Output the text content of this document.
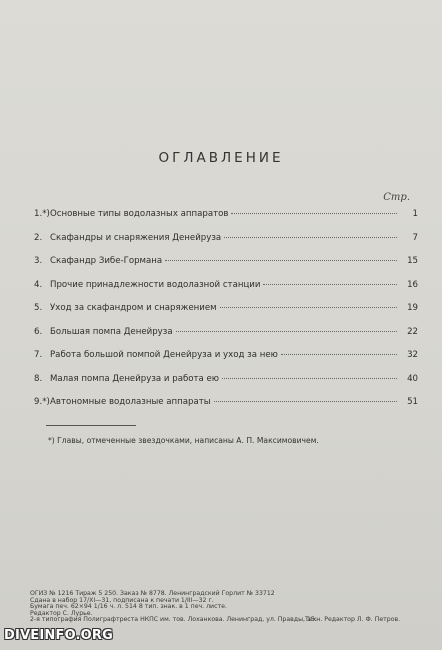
ОГЛАВЛЕНИЕ
Стр.
1.*) Основные типы водолазных аппаратов	1
2. Скафандры и снаряжения Денейруза	7
3. Скафандр Зибе-Гормана	15
4. Прочие принадлежности водолазной станции	16
5. Уход за скафандром и снаряжением	19
6. Большая помпа Денейруза	22
7. Работа большой помпой Денейруза и уход за нею	32
8. Малая помпа Денейруза и работа ею	40
9.*) Автономные водолазные аппараты	51
*) Главы, отмеченные звездочками, написаны А. П. Максимовичем.
ОГИЗ № 1216 Тираж 5 250. Заказ № 8778. Ленинградский Горлит № 33712
Сдана в набор 17/XI—31, подписана к печати 1/III—32 г.
Бумага печ. 62×94 1/16 ч. л. 514 8 тип. знак. в 1 печ. листе.
Редактор С. Лурье.
2-я типография Полиграфтреста НКПС им. тов. Лоханкова. Ленинград, ул. Правды, 15.
Техн. Редактор Л. Ф. Петров.
DIVEINFO.ORG
